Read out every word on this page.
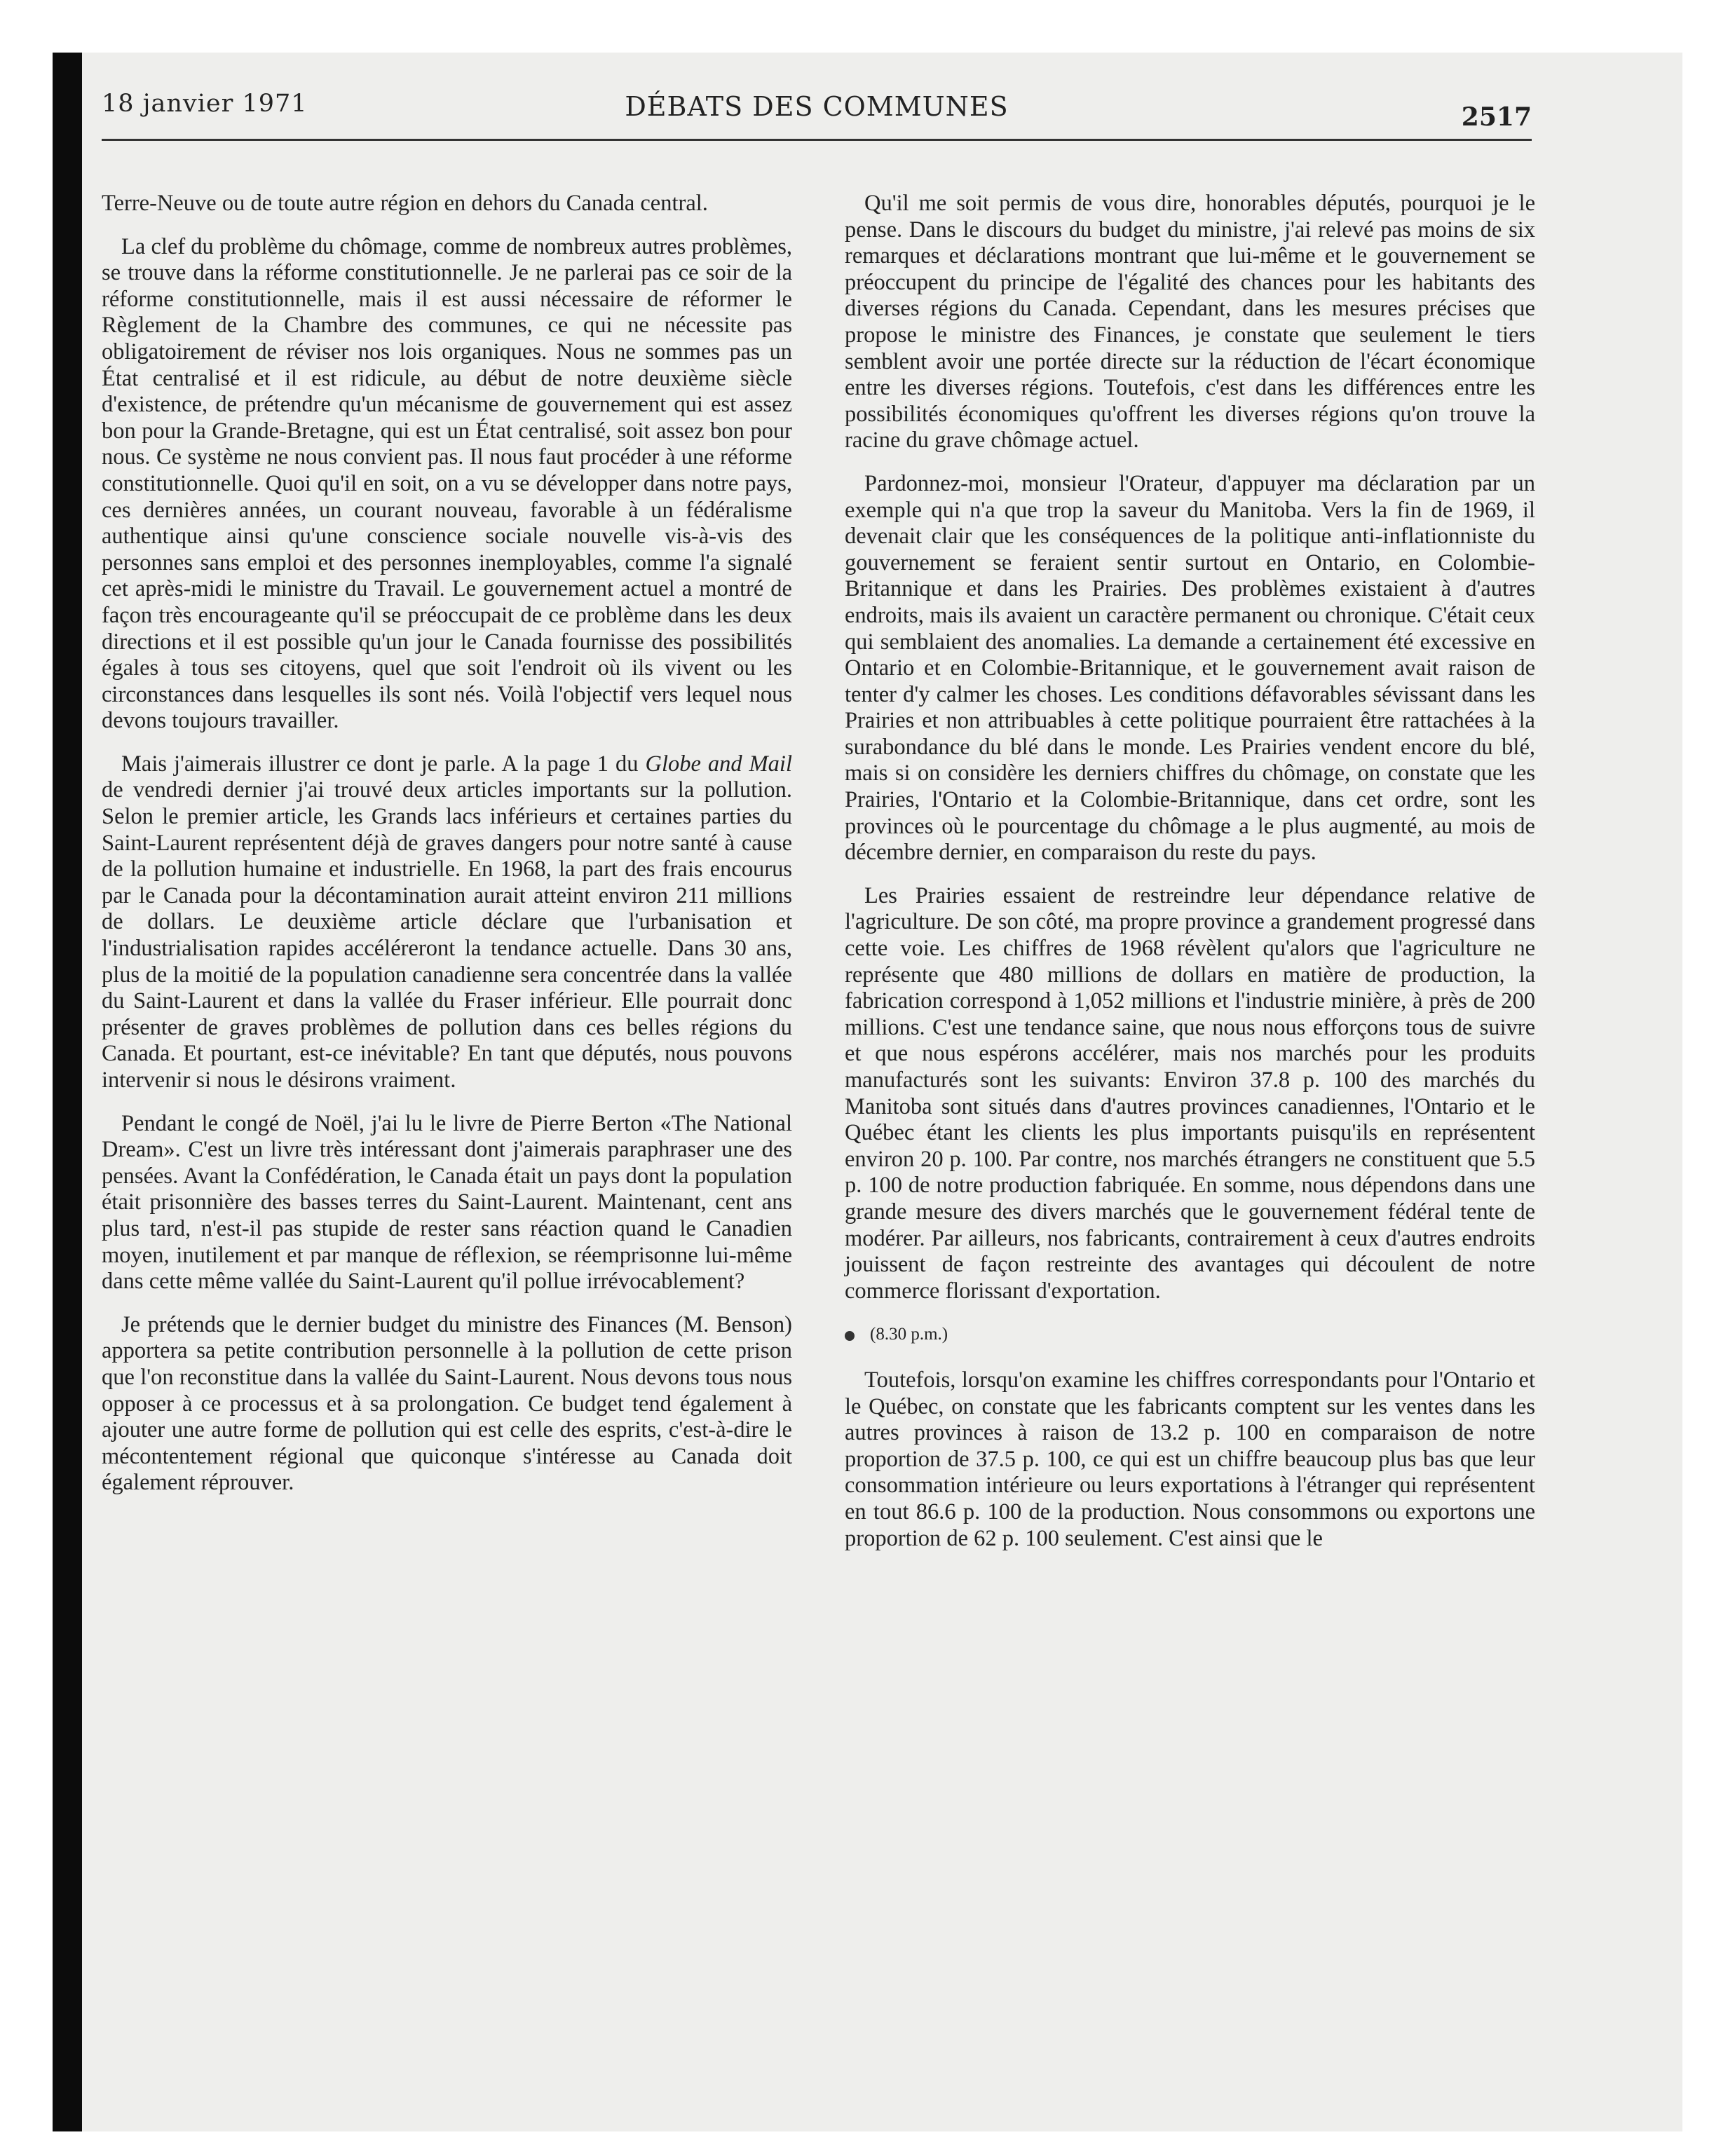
18 janvier 1971	DÉBATS DES COMMUNES	2517

Terre-Neuve ou de toute autre région en dehors du Canada central.

La clef du problème du chômage, comme de nombreux autres problèmes, se trouve dans la réforme constitutionnelle. Je ne parlerai pas ce soir de la réforme constitutionnelle, mais il est aussi nécessaire de réformer le Règlement de la Chambre des communes, ce qui ne nécessite pas obligatoirement de réviser nos lois organiques. Nous ne sommes pas un État centralisé et il est ridicule, au début de notre deuxième siècle d'existence, de prétendre qu'un mécanisme de gouvernement qui est assez bon pour la Grande-Bretagne, qui est un État centralisé, soit assez bon pour nous. Ce système ne nous convient pas. Il nous faut procéder à une réforme constitutionnelle. Quoi qu'il en soit, on a vu se développer dans notre pays, ces dernières années, un courant nouveau, favorable à un fédéralisme authentique ainsi qu'une conscience sociale nouvelle vis-à-vis des personnes sans emploi et des personnes inemployables, comme l'a signalé cet après-midi le ministre du Travail. Le gouvernement actuel a montré de façon très encourageante qu'il se préoccupait de ce problème dans les deux directions et il est possible qu'un jour le Canada fournisse des possibilités égales à tous ses citoyens, quel que soit l'endroit où ils vivent ou les circonstances dans lesquelles ils sont nés. Voilà l'objectif vers lequel nous devons toujours travailler.

Mais j'aimerais illustrer ce dont je parle. A la page 1 du Globe and Mail de vendredi dernier j'ai trouvé deux articles importants sur la pollution. Selon le premier article, les Grands lacs inférieurs et certaines parties du Saint-Laurent représentent déjà de graves dangers pour notre santé à cause de la pollution humaine et industrielle. En 1968, la part des frais encourus par le Canada pour la décontamination aurait atteint environ 211 millions de dollars. Le deuxième article déclare que l'urbanisation et l'industrialisation rapides accéléreront la tendance actuelle. Dans 30 ans, plus de la moitié de la population canadienne sera concentrée dans la vallée du Saint-Laurent et dans la vallée du Fraser inférieur. Elle pourrait donc présenter de graves problèmes de pollution dans ces belles régions du Canada. Et pourtant, est-ce inévitable? En tant que députés, nous pouvons intervenir si nous le désirons vraiment.

Pendant le congé de Noël, j'ai lu le livre de Pierre Berton «The National Dream». C'est un livre très intéressant dont j'aimerais paraphraser une des pensées. Avant la Confédération, le Canada était un pays dont la population était prisonnière des basses terres du Saint-Laurent. Maintenant, cent ans plus tard, n'est-il pas stupide de rester sans réaction quand le Canadien moyen, inutilement et par manque de réflexion, se réemprisonne lui-même dans cette même vallée du Saint-Laurent qu'il pollue irrévocablement?

Je prétends que le dernier budget du ministre des Finances (M. Benson) apportera sa petite contribution personnelle à la pollution de cette prison que l'on reconstitue dans la vallée du Saint-Laurent. Nous devons tous nous opposer à ce processus et à sa prolongation. Ce budget tend également à ajouter une autre forme de pollution qui est celle des esprits, c'est-à-dire le mécontentement régional que quiconque s'intéresse au Canada doit également réprouver.

Qu'il me soit permis de vous dire, honorables députés, pourquoi je le pense. Dans le discours du budget du ministre, j'ai relevé pas moins de six remarques et déclarations montrant que lui-même et le gouvernement se préoccupent du principe de l'égalité des chances pour les habitants des diverses régions du Canada. Cependant, dans les mesures précises que propose le ministre des Finances, je constate que seulement le tiers semblent avoir une portée directe sur la réduction de l'écart économique entre les diverses régions. Toutefois, c'est dans les différences entre les possibilités économiques qu'offrent les diverses régions qu'on trouve la racine du grave chômage actuel.

Pardonnez-moi, monsieur l'Orateur, d'appuyer ma déclaration par un exemple qui n'a que trop la saveur du Manitoba. Vers la fin de 1969, il devenait clair que les conséquences de la politique anti-inflationniste du gouvernement se feraient sentir surtout en Ontario, en Colombie-Britannique et dans les Prairies. Des problèmes existaient à d'autres endroits, mais ils avaient un caractère permanent ou chronique. C'était ceux qui semblaient des anomalies. La demande a certainement été excessive en Ontario et en Colombie-Britannique, et le gouvernement avait raison de tenter d'y calmer les choses. Les conditions défavorables sévissant dans les Prairies et non attribuables à cette politique pourraient être rattachées à la surabondance du blé dans le monde. Les Prairies vendent encore du blé, mais si on considère les derniers chiffres du chômage, on constate que les Prairies, l'Ontario et la Colombie-Britannique, dans cet ordre, sont les provinces où le pourcentage du chômage a le plus augmenté, au mois de décembre dernier, en comparaison du reste du pays.

Les Prairies essaient de restreindre leur dépendance relative de l'agriculture. De son côté, ma propre province a grandement progressé dans cette voie. Les chiffres de 1968 révèlent qu'alors que l'agriculture ne représente que 480 millions de dollars en matière de production, la fabrication correspond à 1,052 millions et l'industrie minière, à près de 200 millions. C'est une tendance saine, que nous nous efforçons tous de suivre et que nous espérons accélérer, mais nos marchés pour les produits manufacturés sont les suivants: Environ 37.8 p. 100 des marchés du Manitoba sont situés dans d'autres provinces canadiennes, l'Ontario et le Québec étant les clients les plus importants puisqu'ils en représentent environ 20 p. 100. Par contre, nos marchés étrangers ne constituent que 5.5 p. 100 de notre production fabriquée. En somme, nous dépendons dans une grande mesure des divers marchés que le gouvernement fédéral tente de modérer. Par ailleurs, nos fabricants, contrairement à ceux d'autres endroits jouissent de façon restreinte des avantages qui découlent de notre commerce florissant d'exportation.

(8.30 p.m.)

Toutefois, lorsqu'on examine les chiffres correspondants pour l'Ontario et le Québec, on constate que les fabricants comptent sur les ventes dans les autres provinces à raison de 13.2 p. 100 en comparaison de notre proportion de 37.5 p. 100, ce qui est un chiffre beaucoup plus bas que leur consommation intérieure ou leurs exportations à l'étranger qui représentent en tout 86.6 p. 100 de la production. Nous consommons ou exportons une proportion de 62 p. 100 seulement. C'est ainsi que le
